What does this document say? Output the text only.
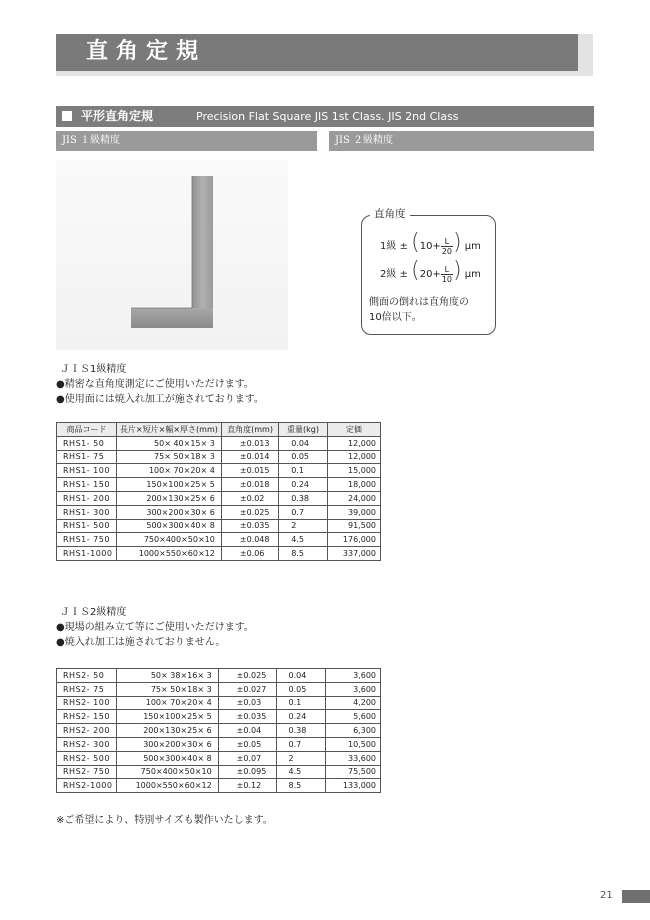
直角定規
平形直角定規	Precision Flat Square JIS 1st Class. JIS 2nd Class
JIS １級精度	JIS ２級精度
直角度
1級 ± ($10+ \frac{L}{20}$ ) μm
2級 ± ($20+ \frac{L}{10}$ ) μm
側面の倒れは直角度の
10倍以下。
ＪＩＳ1級精度
●精密な直角度測定にご使用いただけます。
●使用面には焼入れ加工が施されております。
商品コード	長片×短片×幅×厚さ(mm)	直角度(mm)	重量(kg)	定価
RHS1- 50	50× 40×15× 3	±0.013	0.04	12,000
RHS1- 75	75× 50×18× 3	±0.014	0.05	12,000
RHS1- 100	100× 70×20× 4	±0.015	0.1	15,000
RHS1- 150	150×100×25× 5	±0.018	0.24	18,000
RHS1- 200	200×130×25× 6	±0.02	0.38	24,000
RHS1- 300	300×200×30× 6	±0.025	0.7	39,000
RHS1- 500	500×300×40× 8	±0.035	2	91,500
RHS1- 750	750×400×50×10	±0.048	4.5	176,000
RHS1-1000	1000×550×60×12	±0.06	8.5	337,000
ＪＩＳ2級精度
●現場の組み立て等にご使用いただけます。
●焼入れ加工は施されておりません。
RHS2- 50	50× 38×16× 3	±0.025	0.04	3,600
RHS2- 75	75× 50×18× 3	±0.027	0.05	3,600
RHS2- 100	100× 70×20× 4	±0.03	0.1	4,200
RHS2- 150	150×100×25× 5	±0.035	0.24	5,600
RHS2- 200	200×130×25× 6	±0.04	0.38	6,300
RHS2- 300	300×200×30× 6	±0.05	0.7	10,500
RHS2- 500	500×300×40× 8	±0.07	2	33,600
RHS2- 750	750×400×50×10	±0.095	4.5	75,500
RHS2-1000	1000×550×60×12	±0.12	8.5	133,000
※ご希望により、特別サイズも製作いたします。
21
